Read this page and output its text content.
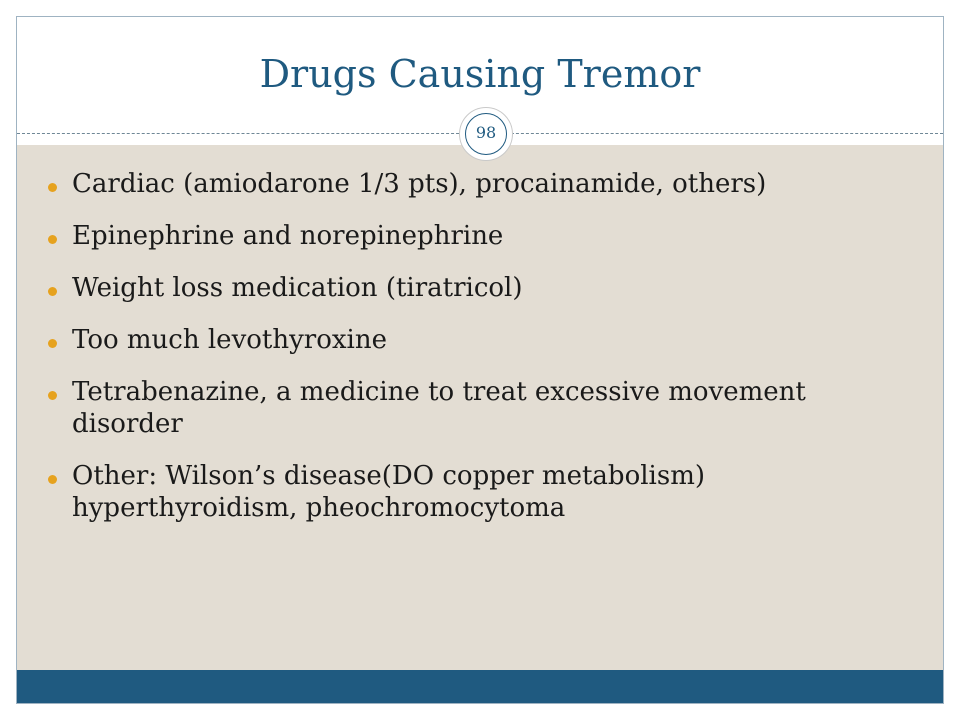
Drugs Causing Tremor
98
Cardiac (amiodarone 1/3 pts), procainamide, others)
Epinephrine and norepinephrine
Weight loss medication (tiratricol)
Too much levothyroxine
Tetrabenazine, a medicine to treat excessive movement disorder
Other: Wilson’s disease(DO copper metabolism) hyperthyroidism, pheochromocytoma
